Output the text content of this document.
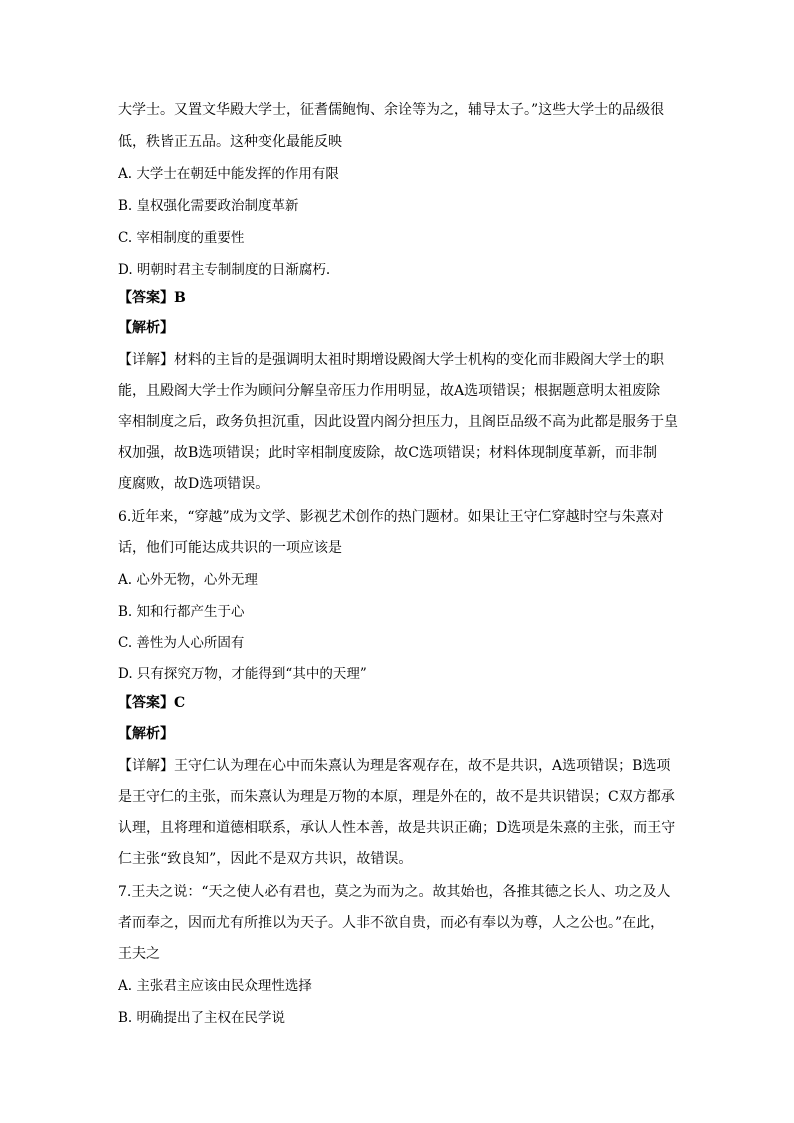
大学士。又置文华殿大学士，征耆儒鲍恂、余诠等为之，辅导太子。”这些大学士的品级很
低，秩皆正五品。这种变化最能反映
A. 大学士在朝廷中能发挥的作用有限
B. 皇权强化需要政治制度革新
C. 宰相制度的重要性
D. 明朝时君主专制制度的日渐腐朽.
【答案】B
【解析】
【详解】材料的主旨的是强调明太祖时期增设殿阁大学士机构的变化而非殿阁大学士的职
能，且殿阁大学士作为顾问分解皇帝压力作用明显，故A选项错误；根据题意明太祖废除
宰相制度之后，政务负担沉重，因此设置内阁分担压力，且阁臣品级不高为此都是服务于皇
权加强，故B选项错误；此时宰相制度废除，故C选项错误；材料体现制度革新，而非制
度腐败，故D选项错误。
6.近年来，“穿越”成为文学、影视艺术创作的热门题材。如果让王守仁穿越时空与朱熹对
话，他们可能达成共识的一项应该是
A. 心外无物，心外无理
B. 知和行都产生于心
C. 善性为人心所固有
D. 只有探究万物，才能得到“其中的天理”
【答案】C
【解析】
【详解】王守仁认为理在心中而朱熹认为理是客观存在，故不是共识，A选项错误；B选项
是王守仁的主张，而朱熹认为理是万物的本原，理是外在的，故不是共识错误；C双方都承
认理，且将理和道德相联系，承认人性本善，故是共识正确；D选项是朱熹的主张，而王守
仁主张“致良知”，因此不是双方共识，故错误。
7.王夫之说：“天之使人必有君也，莫之为而为之。故其始也，各推其德之长人、功之及人
者而奉之，因而尤有所推以为天子。人非不欲自贵，而必有奉以为尊，人之公也。”在此，
王夫之
A. 主张君主应该由民众理性选择
B. 明确提出了主权在民学说
